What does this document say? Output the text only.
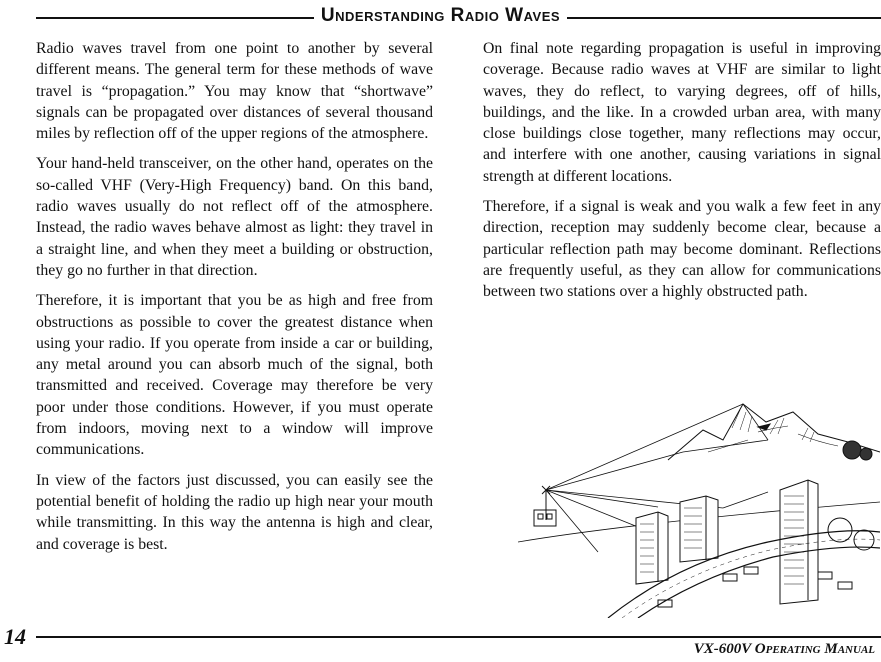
Understanding Radio Waves

Radio waves travel from one point to another by several different means. The general term for these methods of wave travel is “propagation.” You may know that “shortwave” signals can be propagated over distances of several thousand miles by reflection off of the upper regions of the atmosphere.

Your hand-held transceiver, on the other hand, operates on the so-called VHF (Very-High Frequency) band. On this band, radio waves usually do not reflect off of the atmosphere. Instead, the radio waves behave almost as light: they travel in a straight line, and when they meet a building or obstruction, they go no further in that direction.

Therefore, it is important that you be as high and free from obstructions as possible to cover the greatest distance when using your radio. If you operate from inside a car or building, any metal around you can absorb much of the signal, both transmitted and received. Coverage may therefore be very poor under those conditions. However, if you must operate from indoors, moving next to a window will improve communications.

In view of the factors just discussed, you can easily see the potential benefit of holding the radio up high near your mouth while transmitting. In this way the antenna is high and clear, and coverage is best.

On final note regarding propagation is useful in improving coverage. Because radio waves at VHF are similar to light waves, they do reflect, to varying degrees, off of hills, buildings, and the like. In a crowded urban area, with many close buildings close together, many reflections may occur, and interfere with one another, causing variations in signal strength at different locations.

Therefore, if a signal is weak and you walk a few feet in any direction, reception may suddenly become clear, because a particular reflection path may become dominant. Reflections are frequently useful, as they can allow for communications between two stations over a highly obstructed path.

14	VX-600V Operating Manual
